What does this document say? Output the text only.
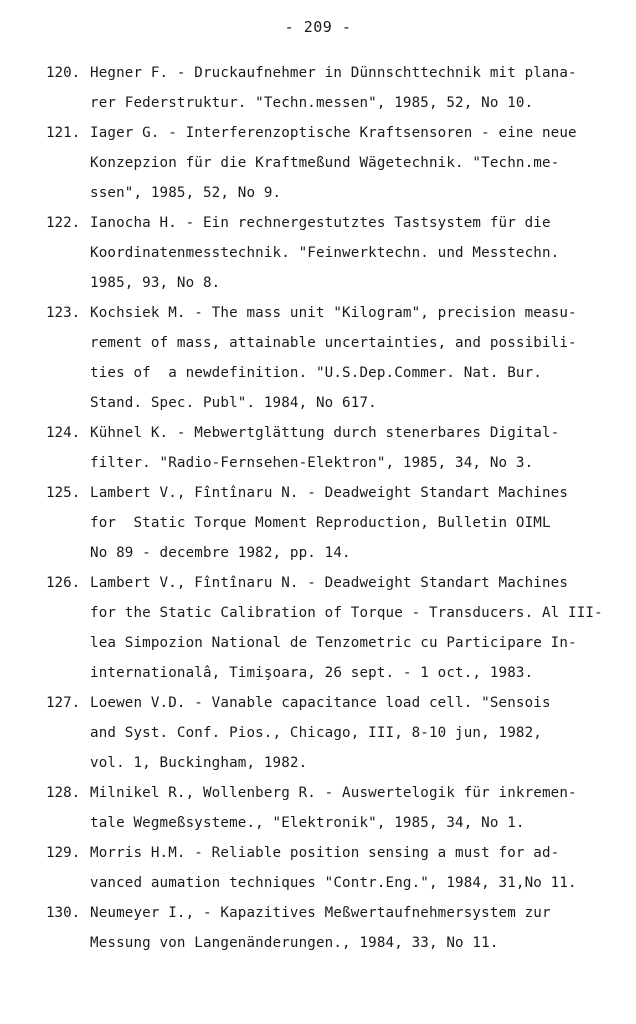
- 209 -
120. Hegner F. - Druckaufnehmer in Dünnschttechnik mit plana-
rer Federstruktur. "Techn.messen", 1985, 52, No 10.
121. Iager G. - Interferenzoptische Kraftsensoren - eine neue
Konzepzion für die Kraftmeßund Wägetechnik. "Techn.me-
ssen", 1985, 52, No 9.
122. Ianocha H. - Ein rechnergestutztes Tastsystem für die
Koordinatenmesstechnik. "Feinwerktechn. und Messtechn.
1985, 93, No 8.
123. Kochsiek M. - The mass unit "Kilogram", precision measu-
rement of mass, attainable uncertainties, and possibili-
ties of  a newdefinition. "U.S.Dep.Commer. Nat. Bur.
Stand. Spec. Publ". 1984, No 617.
124. Kühnel K. - Mebwertglättung durch stenerbares Digital-
filter. "Radio-Fernsehen-Elektron", 1985, 34, No 3.
125. Lambert V., Fîntînaru N. - Deadweight Standart Machines
for  Static Torque Moment Reproduction, Bulletin OIML
No 89 - decembre 1982, pp. 14.
126. Lambert V., Fîntînaru N. - Deadweight Standart Machines
for the Static Calibration of Torque - Transducers. Al III-
lea Simpozion National de Tenzometric cu Participare In-
internationalâ, Timişoara, 26 sept. - 1 oct., 1983.
127. Loewen V.D. - Vanable capacitance load cell. "Sensois
and Syst. Conf. Pios., Chicago, III, 8-10 jun, 1982,
vol. 1, Buckingham, 1982.
128. Milnikel R., Wollenberg R. - Auswertelogik für inkremen-
tale Wegmeßsysteme., "Elektronik", 1985, 34, No 1.
129. Morris H.M. - Reliable position sensing a must for ad-
vanced aumation techniques "Contr.Eng.", 1984, 31,No 11.
130. Neumeyer I., - Kapazitives Meßwertaufnehmersystem zur
Messung von Langenänderungen., 1984, 33, No 11.
